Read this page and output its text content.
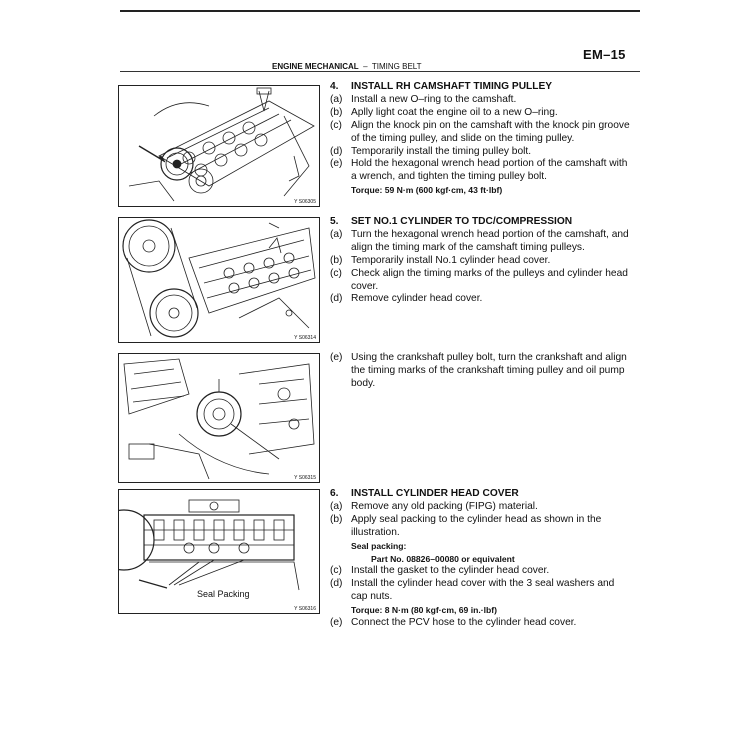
EM–15
ENGINE MECHANICAL – TIMING BELT
Y S06305
Y S06314
Y S06315
Seal Packing
Y S06316
4.	INSTALL RH CAMSHAFT TIMING PULLEY
(a) Install a new O–ring to the camshaft.
(b) Aplly light coat the engine oil to a new O–ring.
(c) Align the knock pin on the camshaft with the knock pin groove of the timing pulley, and slide on the timing pulley.
(d) Temporarily install the timing pulley bolt.
(e) Hold the hexagonal wrench head portion of the camshaft with a wrench, and tighten the timing pulley bolt.
Torque: 59 N·m (600 kgf·cm, 43 ft·lbf)
5.	SET NO.1 CYLINDER TO TDC/COMPRESSION
(a) Turn the hexagonal wrench head portion of the camshaft, and align the timing mark of the camshaft timing pulleys.
(b) Temporarily install No.1 cylinder head cover.
(c) Check align the timing marks of the pulleys and cylinder head cover.
(d) Remove cylinder head cover.
(e) Using the crankshaft pulley bolt, turn the crankshaft and align the timing marks of the crankshaft timing pulley and oil pump body.
6.	INSTALL CYLINDER HEAD COVER
(a) Remove any old packing (FIPG) material.
(b) Apply seal packing to the cylinder head as shown in the illustration.
Seal packing:
Part No. 08826–00080 or equivalent
(c) Install the gasket to the cylinder head cover.
(d) Install the cylinder head cover with the 3 seal washers and cap nuts.
Torque: 8 N·m (80 kgf·cm, 69 in.·lbf)
(e) Connect the PCV hose to the cylinder head cover.
